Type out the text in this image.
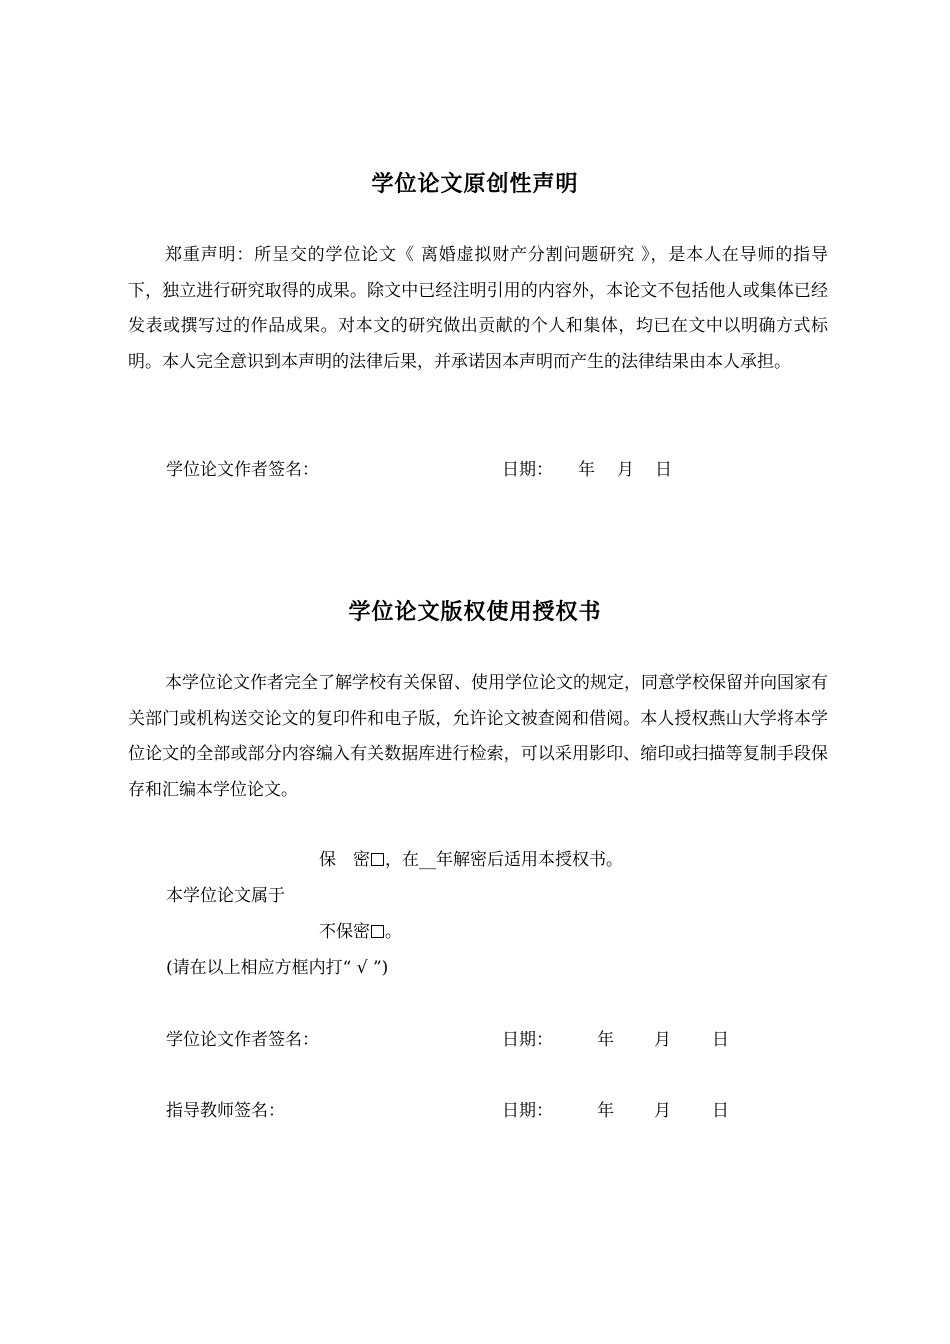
学位论文原创性声明

郑重声明：所呈交的学位论文《 离婚虚拟财产分割问题研究 》，是本人在导师的指导下，独立进行研究取得的成果。除文中已经注明引用的内容外，本论文不包括他人或集体已经发表或撰写过的作品成果。对本文的研究做出贡献的个人和集体，均已在文中以明确方式标明。本人完全意识到本声明的法律后果，并承诺因本声明而产生的法律结果由本人承担。

学位论文作者签名：	日期： 年 月 日
学位论文版权使用授权书

本学位论文作者完全了解学校有关保留、使用学位论文的规定，同意学校保留并向国家有关部门或机构送交论文的复印件和电子版，允许论文被查阅和借阅。本人授权燕山大学将本学位论文的全部或部分内容编入有关数据库进行检索，可以采用影印、缩印或扫描等复制手段保存和汇编本学位论文。

保　密 ，在__年解密后适用本授权书。
本学位论文属于
不保密 。
(请在以上相应方框内打“ √ ”)
学位论文作者签名：	日期：	年 月 日
指导教师签名：	日期：	年 月 日
